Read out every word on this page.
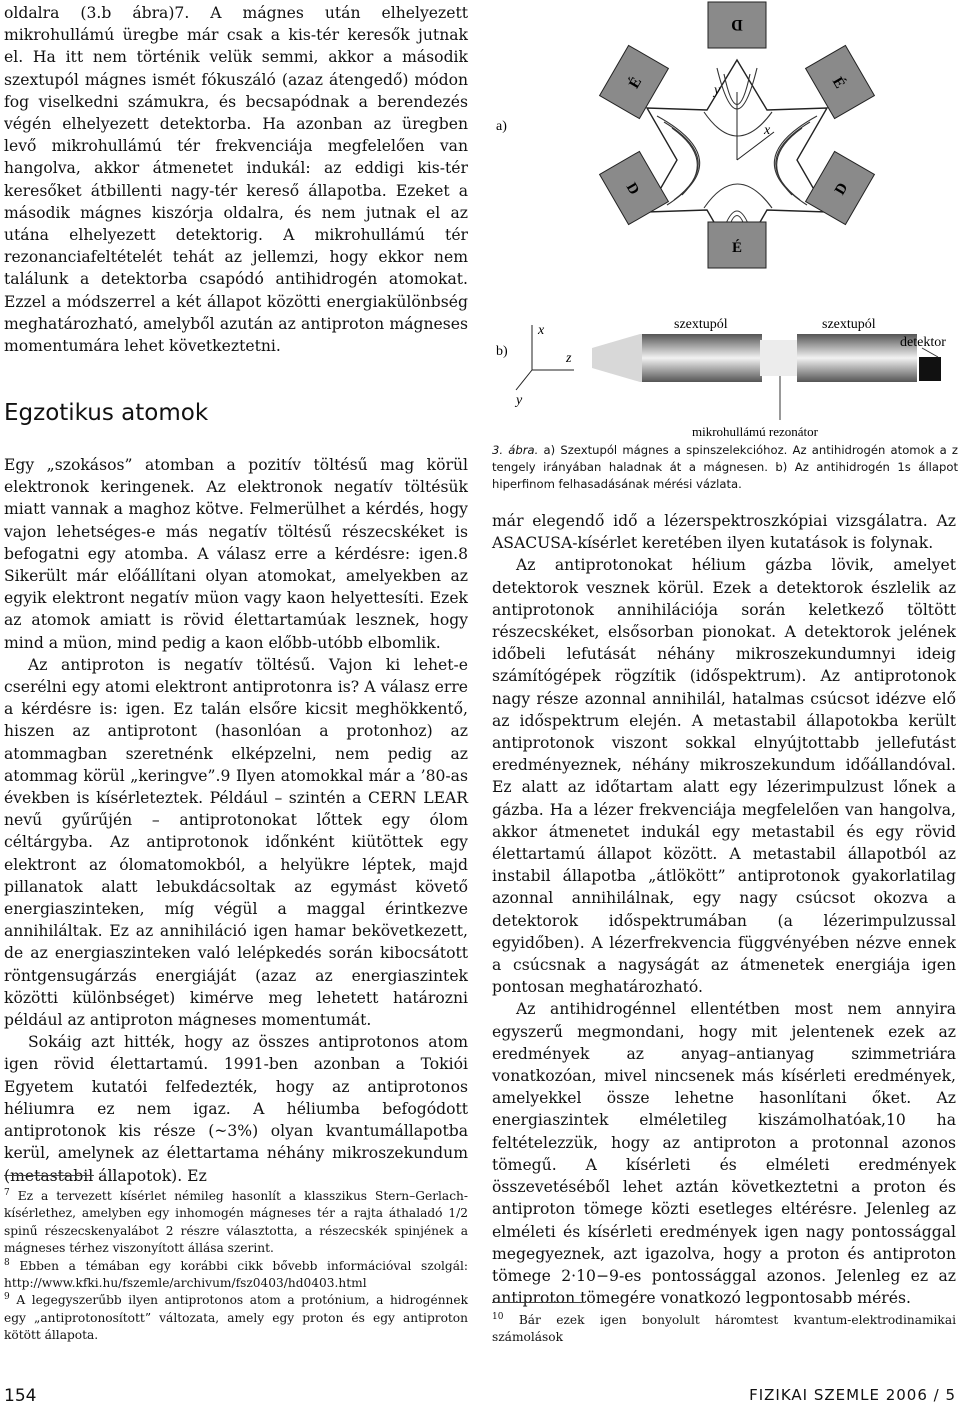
oldalra (3.b ábra)7. A mágnes után elhelyezett mikrohullámú üregbe már csak a kis-tér keresők jutnak el. Ha itt nem történik velük semmi, akkor a második szextupól mágnes ismét fókuszáló (azaz átengedő) módon fog viselkedni számukra, és becsapódnak a berendezés végén elhelyezett detektorba. Ha azonban az üregben levő mikrohullámú tér frekvenciája megfelelően van hangolva, akkor átmenetet indukál: az eddigi kis-tér keresőket átbillenti nagy-tér kereső állapotba. Ezeket a második mágnes kiszórja oldalra, és nem jutnak el az utána elhelyezett detektorig. A mikrohullámú tér rezonanciafeltételét tehát az jellemzi, hogy ekkor nem találunk a detektorba csapódó antihidrogén atomokat. Ezzel a módszerrel a két állapot közötti energiakülönbség meghatározható, amelyből azután az antiproton mágneses momentumára lehet következtetni.

Egzotikus atomok

Egy „szokásos” atomban a pozitív töltésű mag körül elektronok keringenek. Az elektronok negatív töltésük miatt vannak a maghoz kötve. Felmerülhet a kérdés, hogy vajon lehetséges-e más negatív töltésű részecskéket is befogatni egy atomba. A válasz erre a kérdésre: igen.8 Sikerült már előállítani olyan atomokat, amelyekben az egyik elektront negatív müon vagy kaon helyettesíti. Ezek az atomok amiatt is rövid élettartamúak lesznek, hogy mind a müon, mind pedig a kaon előbb-utóbb elbomlik.

Az antiproton is negatív töltésű. Vajon ki lehet-e cserélni egy atomi elektront antiprotonra is? A válasz erre a kérdésre is: igen. Ez talán elsőre kicsit meghökkentő, hiszen az antiprotont (hasonlóan a protonhoz) az atommagban szeretnénk elképzelni, nem pedig az atommag körül „keringve”.9 Ilyen atomokkal már a ’80-as években is kísérleteztek. Például – szintén a CERN LEAR nevű gyűrűjén – antiprotonokat lőttek egy ólom céltárgyba. Az antiprotonok időnként kiütöttek egy elektront az ólomatomokból, a helyükre léptek, majd pillanatok alatt lebukdácsoltak az egymást követő energiaszinteken, míg végül a maggal érintkezve annihiláltak. Ez az annihiláció igen hamar bekövetkezett, de az energiaszinteken való lelépkedés során kibocsátott röntgensugárzás energiáját (azaz az energiaszintek közötti különbséget) kimérve meg lehetett határozni például az antiproton mágneses momentumát.

Sokáig azt hitték, hogy az összes antiprotonos atom igen rövid élettartamú. 1991-ben azonban a Tokiói Egyetem kutatói felfedezték, hogy az antiprotonos héliumra ez nem igaz. A héliumba befogódott antiprotonok kis része (~3%) olyan kvantumállapotba kerül, amelynek az élettartama néhány mikroszekundum (metastabil állapotok). Ez

$^7$ Ez a tervezett kísérlet némileg hasonlít a klasszikus Stern–Gerlach-kísérlethez, amelyben egy inhomogén mágneses tér a rajta áthaladó 1/2 spinű részecskenyalábot 2 részre választotta, a részecskék spinjének a mágneses térhez viszonyított állása szerint.

$^8$ Ebben a témában egy korábbi cikk bővebb információval szolgál: http://www.kfki.hu/fszemle/archivum/fsz0403/hd0403.html

$^9$ A legegyszerűbb ilyen antiprotonos atom a protónium, a hidrogénnek egy „antiprotonosított” változata, amely egy proton és egy antiproton kötött állapota.

a)
D
É	É
D	D
É
y
x
b)
x
z
y
szextupól	szextupól
detektor
mikrohullámú rezonátor

3. ábra. a) Szextupól mágnes a spinszelekcióhoz. Az antihidrogén atomok a z tengely irányában haladnak át a mágnesen. b) Az antihidrogén 1s állapot hiperfinom felhasadásának mérési vázlata.

már elegendő idő a lézerspektroszkópiai vizsgálatra. Az ASACUSA-kísérlet keretében ilyen kutatások is folynak.

Az antiprotonokat hélium gázba lövik, amelyet detektorok vesznek körül. Ezek a detektorok észlelik az antiprotonok annihilációja során keletkező töltött részecskéket, elsősorban pionokat. A detektorok jelének időbeli lefutását néhány mikroszekundumnyi ideig számítógépek rögzítik (időspektrum). Az antiprotonok nagy része azonnal annihilál, hatalmas csúcsot idézve elő az időspektrum elején. A metastabil állapotokba került antiprotonok viszont sokkal elnyújtottabb jellefutást eredményeznek, néhány mikroszekundum időállandóval. Ez alatt az időtartam alatt egy lézerimpulzust lőnek a gázba. Ha a lézer frekvenciája megfelelően van hangolva, akkor átmenetet indukál egy metastabil és egy rövid élettartamú állapot között. A metastabil állapotból az instabil állapotba „átlökött” antiprotonok gyakorlatilag azonnal annihilálnak, egy nagy csúcsot okozva a detektorok időspektrumában (a lézerimpulzussal egyidőben). A lézerfrekvencia függvényében nézve ennek a csúcsnak a nagyságát az átmenetek energiája igen pontosan meghatározható.

Az antihidrogénnel ellentétben most nem annyira egyszerű megmondani, hogy mit jelentenek ezek az eredmények az anyag–antianyag szimmetriára vonatkozóan, mivel nincsenek más kísérleti eredmények, amelyekkel össze lehetne hasonlítani őket. Az energiaszintek elméletileg kiszámolhatóak,10 ha feltételezzük, hogy az antiproton a protonnal azonos tömegű. A kísérleti és elméleti eredmények összevetéséből lehet aztán következtetni a proton és antiproton tömege közti esetleges eltérésre. Jelenleg az elméleti és kísérleti eredmények igen nagy pontossággal megegyeznek, azt igazolva, hogy a proton és antiproton tömege 2·10−9-es pontossággal azonos. Jelenleg ez az antiproton tömegére vonatkozó legpontosabb mérés.

$^{10}$ Bár ezek igen bonyolult háromtest kvantum-elektrodinamikai számolások

154	FIZIKAI SZEMLE 2006 / 5
